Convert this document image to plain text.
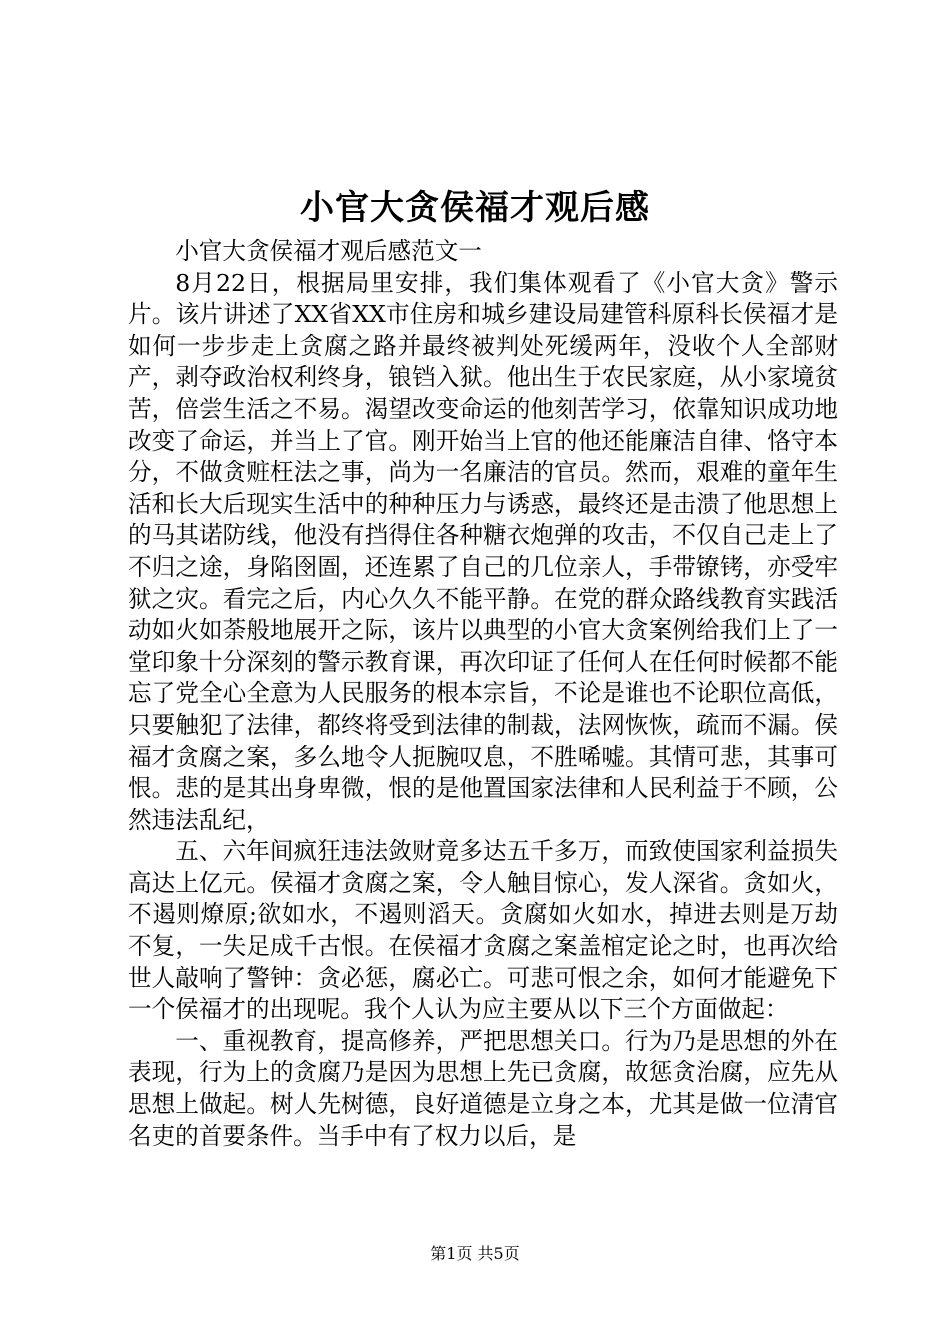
小官大贪侯福才观后感

小官大贪侯福才观后感范文一

8月22日，根据局里安排，我们集体观看了《小官大贪》警示片。该片讲述了XX省XX市住房和城乡建设局建管科原科长侯福才是如何一步步走上贪腐之路并最终被判处死缓两年，没收个人全部财产，剥夺政治权利终身，锒铛入狱。他出生于农民家庭，从小家境贫苦，倍尝生活之不易。渴望改变命运的他刻苦学习，依靠知识成功地改变了命运，并当上了官。刚开始当上官的他还能廉洁自律、恪守本分，不做贪赃枉法之事，尚为一名廉洁的官员。然而，艰难的童年生活和长大后现实生活中的种种压力与诱惑，最终还是击溃了他思想上的马其诺防线，他没有挡得住各种糖衣炮弹的攻击，不仅自己走上了不归之途，身陷囹圄，还连累了自己的几位亲人，手带镣铐，亦受牢狱之灾。看完之后，内心久久不能平静。在党的群众路线教育实践活动如火如荼般地展开之际，该片以典型的小官大贪案例给我们上了一堂印象十分深刻的警示教育课，再次印证了任何人在任何时候都不能忘了党全心全意为人民服务的根本宗旨，不论是谁也不论职位高低，只要触犯了法律，都终将受到法律的制裁，法网恢恢，疏而不漏。侯福才贪腐之案，多么地令人扼腕叹息，不胜唏嘘。其情可悲，其事可恨。悲的是其出身卑微，恨的是他置国家法律和人民利益于不顾，公然违法乱纪，

五、六年间疯狂违法敛财竟多达五千多万，而致使国家利益损失高达上亿元。侯福才贪腐之案，令人触目惊心，发人深省。贪如火，不遏则燎原;欲如水，不遏则滔天。贪腐如火如水，掉进去则是万劫不复，一失足成千古恨。在侯福才贪腐之案盖棺定论之时，也再次给世人敲响了警钟：贪必惩，腐必亡。可悲可恨之余，如何才能避免下一个侯福才的出现呢。我个人认为应主要从以下三个方面做起：

一、重视教育，提高修养，严把思想关口。行为乃是思想的外在表现，行为上的贪腐乃是因为思想上先已贪腐，故惩贪治腐，应先从思想上做起。树人先树德，良好道德是立身之本，尤其是做一位清官名吏的首要条件。当手中有了权力以后，是

第1页 共5页
